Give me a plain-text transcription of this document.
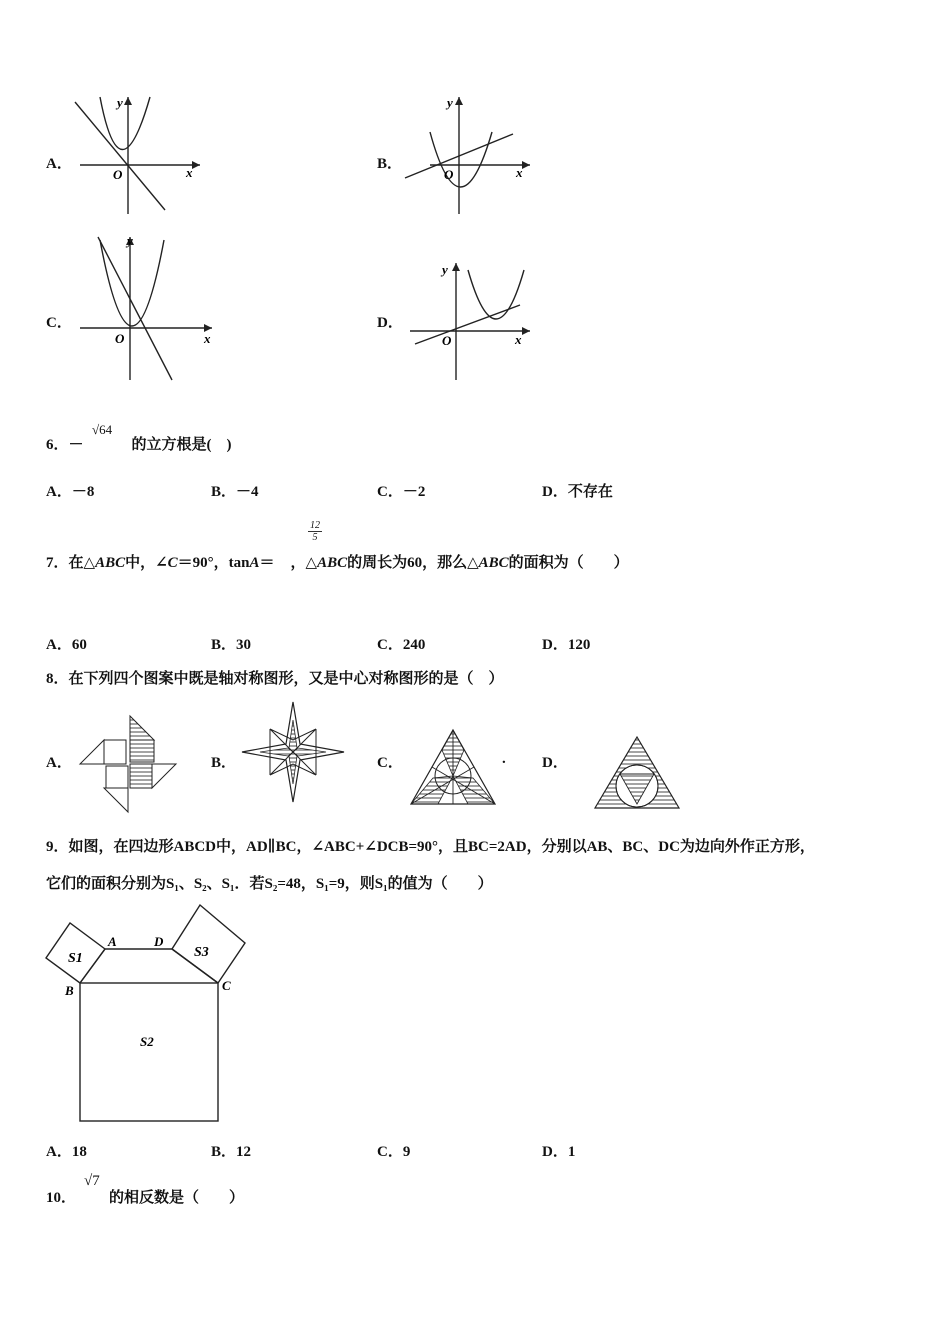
A．
O	x
y
B．
O	x
y
C．
O	x
y
D．
O	x
y
6．－	的立方根是(　)
√64
A．－8	B．－4	C．－2	D．不存在
7．在△ABC中，∠C＝90°，tanA＝ ，△ABC的周长为60，那么△ABC的面积为（　　）
$\frac{12}{5}$
A．60	B．30	C．240	D．120
8．在下列四个图案中既是轴对称图形，又是中心对称图形的是（　）
A．	B．	C．	. D．
9．如图，在四边形ABCD中，AD∥BC，∠ABC+∠DCB=90°，且BC=2AD，分别以AB、BC、DC为边向外作正方形，
它们的面积分别为S₁、S₂、S₁．若S₂=48，S₁=9，则S₁的值为（　　）
A	D
B	C
S1	S3
S2
A．18	B．12	C．9	D．1
10． 的相反数是（　　）
√7
